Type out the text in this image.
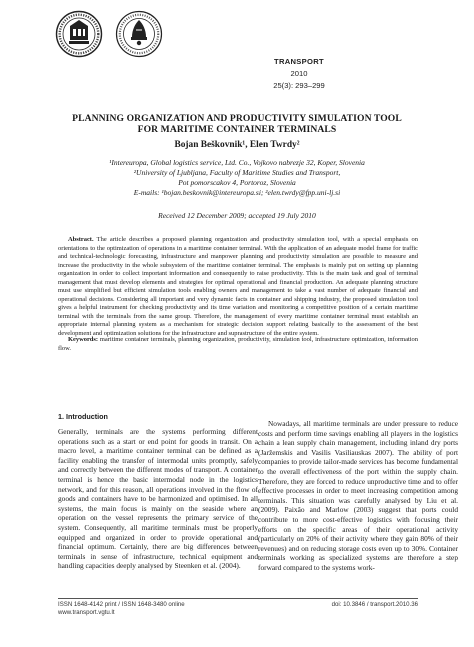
TRANSPORT
2010
25(3): 293–299
PLANNING ORGANIZATION AND PRODUCTIVITY SIMULATION TOOL
FOR MARITIME CONTAINER TERMINALS
Bojan Beškovnik¹, Elen Twrdy²
¹Intereuropa, Global logistics service, Ltd. Co., Vojkovo nabrezje 32, Koper, Slovenia
²University of Ljubljana, Faculty of Maritime Studies and Transport,
Pot pomorscakov 4, Portoroz, Slovenia
E-mails: ¹bojan.beskovnik@intereuropa.si; ²elen.twrdy@fpp.uni-lj.si
Received 12 December 2009; accepted 19 July 2010
Abstract. The article describes a proposed planning organization and productivity simulation tool, with a special emphasis on orientations to the optimization of operations in a maritime container terminal. With the application of an adequate model frame for traffic and technical-technologic forecasting, infrastructure and manpower planning and productivity simulation are possible to measure and increase the productivity in the whole subsystem of the maritime container terminal. The emphasis is mainly put on setting up planning organization in order to collect important information and consequently to raise productivity. This is the main task and goal of terminal management that must develop elements and strategies for optimal operational and financial production. An adequate planning structure must use simplified but efficient simulation tools enabling owners and management to take a vast number of adequate financial and operational decisions. Considering all important and very dynamic facts in container and shipping industry, the proposed simulation tool gives a helpful instrument for checking productivity and its time variation and monitoring a competitive position of a certain maritime terminal with the terminals from the same group. Therefore, the management of every maritime container terminal must establish an appropriate internal planning system as a mechanism for strategic decision support relating basically to the assessment of the best development and optimization solutions for the infrastructure and suprastructure of the entire system.
Keywords: maritime container terminals, planning organization, productivity, simulation tool, infrastructure optimization, information flow.
1. Introduction
Generally, terminals are the systems performing different operations such as a start or end point for goods in transit. On a macro level, a maritime container terminal can be defined as a facility enabling the transfer of intermodal units promptly, safely and correctly between the different modes of transport. A container terminal is hence the basic intermodal node in the logistics network, and for this reason, all operations involved in the flow of goods and containers have to be harmonized and optimised. In all systems, the main focus is mainly on the seaside where an operation on the vessel represents the primary service of the system. Consequently, all maritime terminals must be properly equipped and organized in order to provide operational and financial optimum. Certainly, there are big differences between terminals in sense of infrastructure, technical equipment and handling capacities deeply analysed by Steenken et al. (2004).
Nowadays, all maritime terminals are under pressure to reduce costs and perform time savings enabling all players in the logistics chain a lean supply chain management, including inland dry ports (Jaržemskis and Vasilis Vasiliauskas 2007). The ability of port companies to provide tailor-made services has become fundamental to the overall effectiveness of the port within the supply chain. Therefore, they are forced to reduce unproductive time and to offer effective processes in order to meet increasing competition among terminals. This situation was carefully analysed by Liu et al. (2009). Paixão and Marlow (2003) suggest that ports could contribute to more cost-effective logistics with focusing their efforts on the specific areas of their operational activity (particularly on 20% of their activity where they gain 80% of their revenues) and on reducing storage costs even up to 30%. Container terminals working as specialized systems are therefore a step forward compared to the systems work-
ISSN 1648-4142 print / ISSN 1648-3480 online
www.transport.vgtu.lt
doi: 10.3846 / transport.2010.36
